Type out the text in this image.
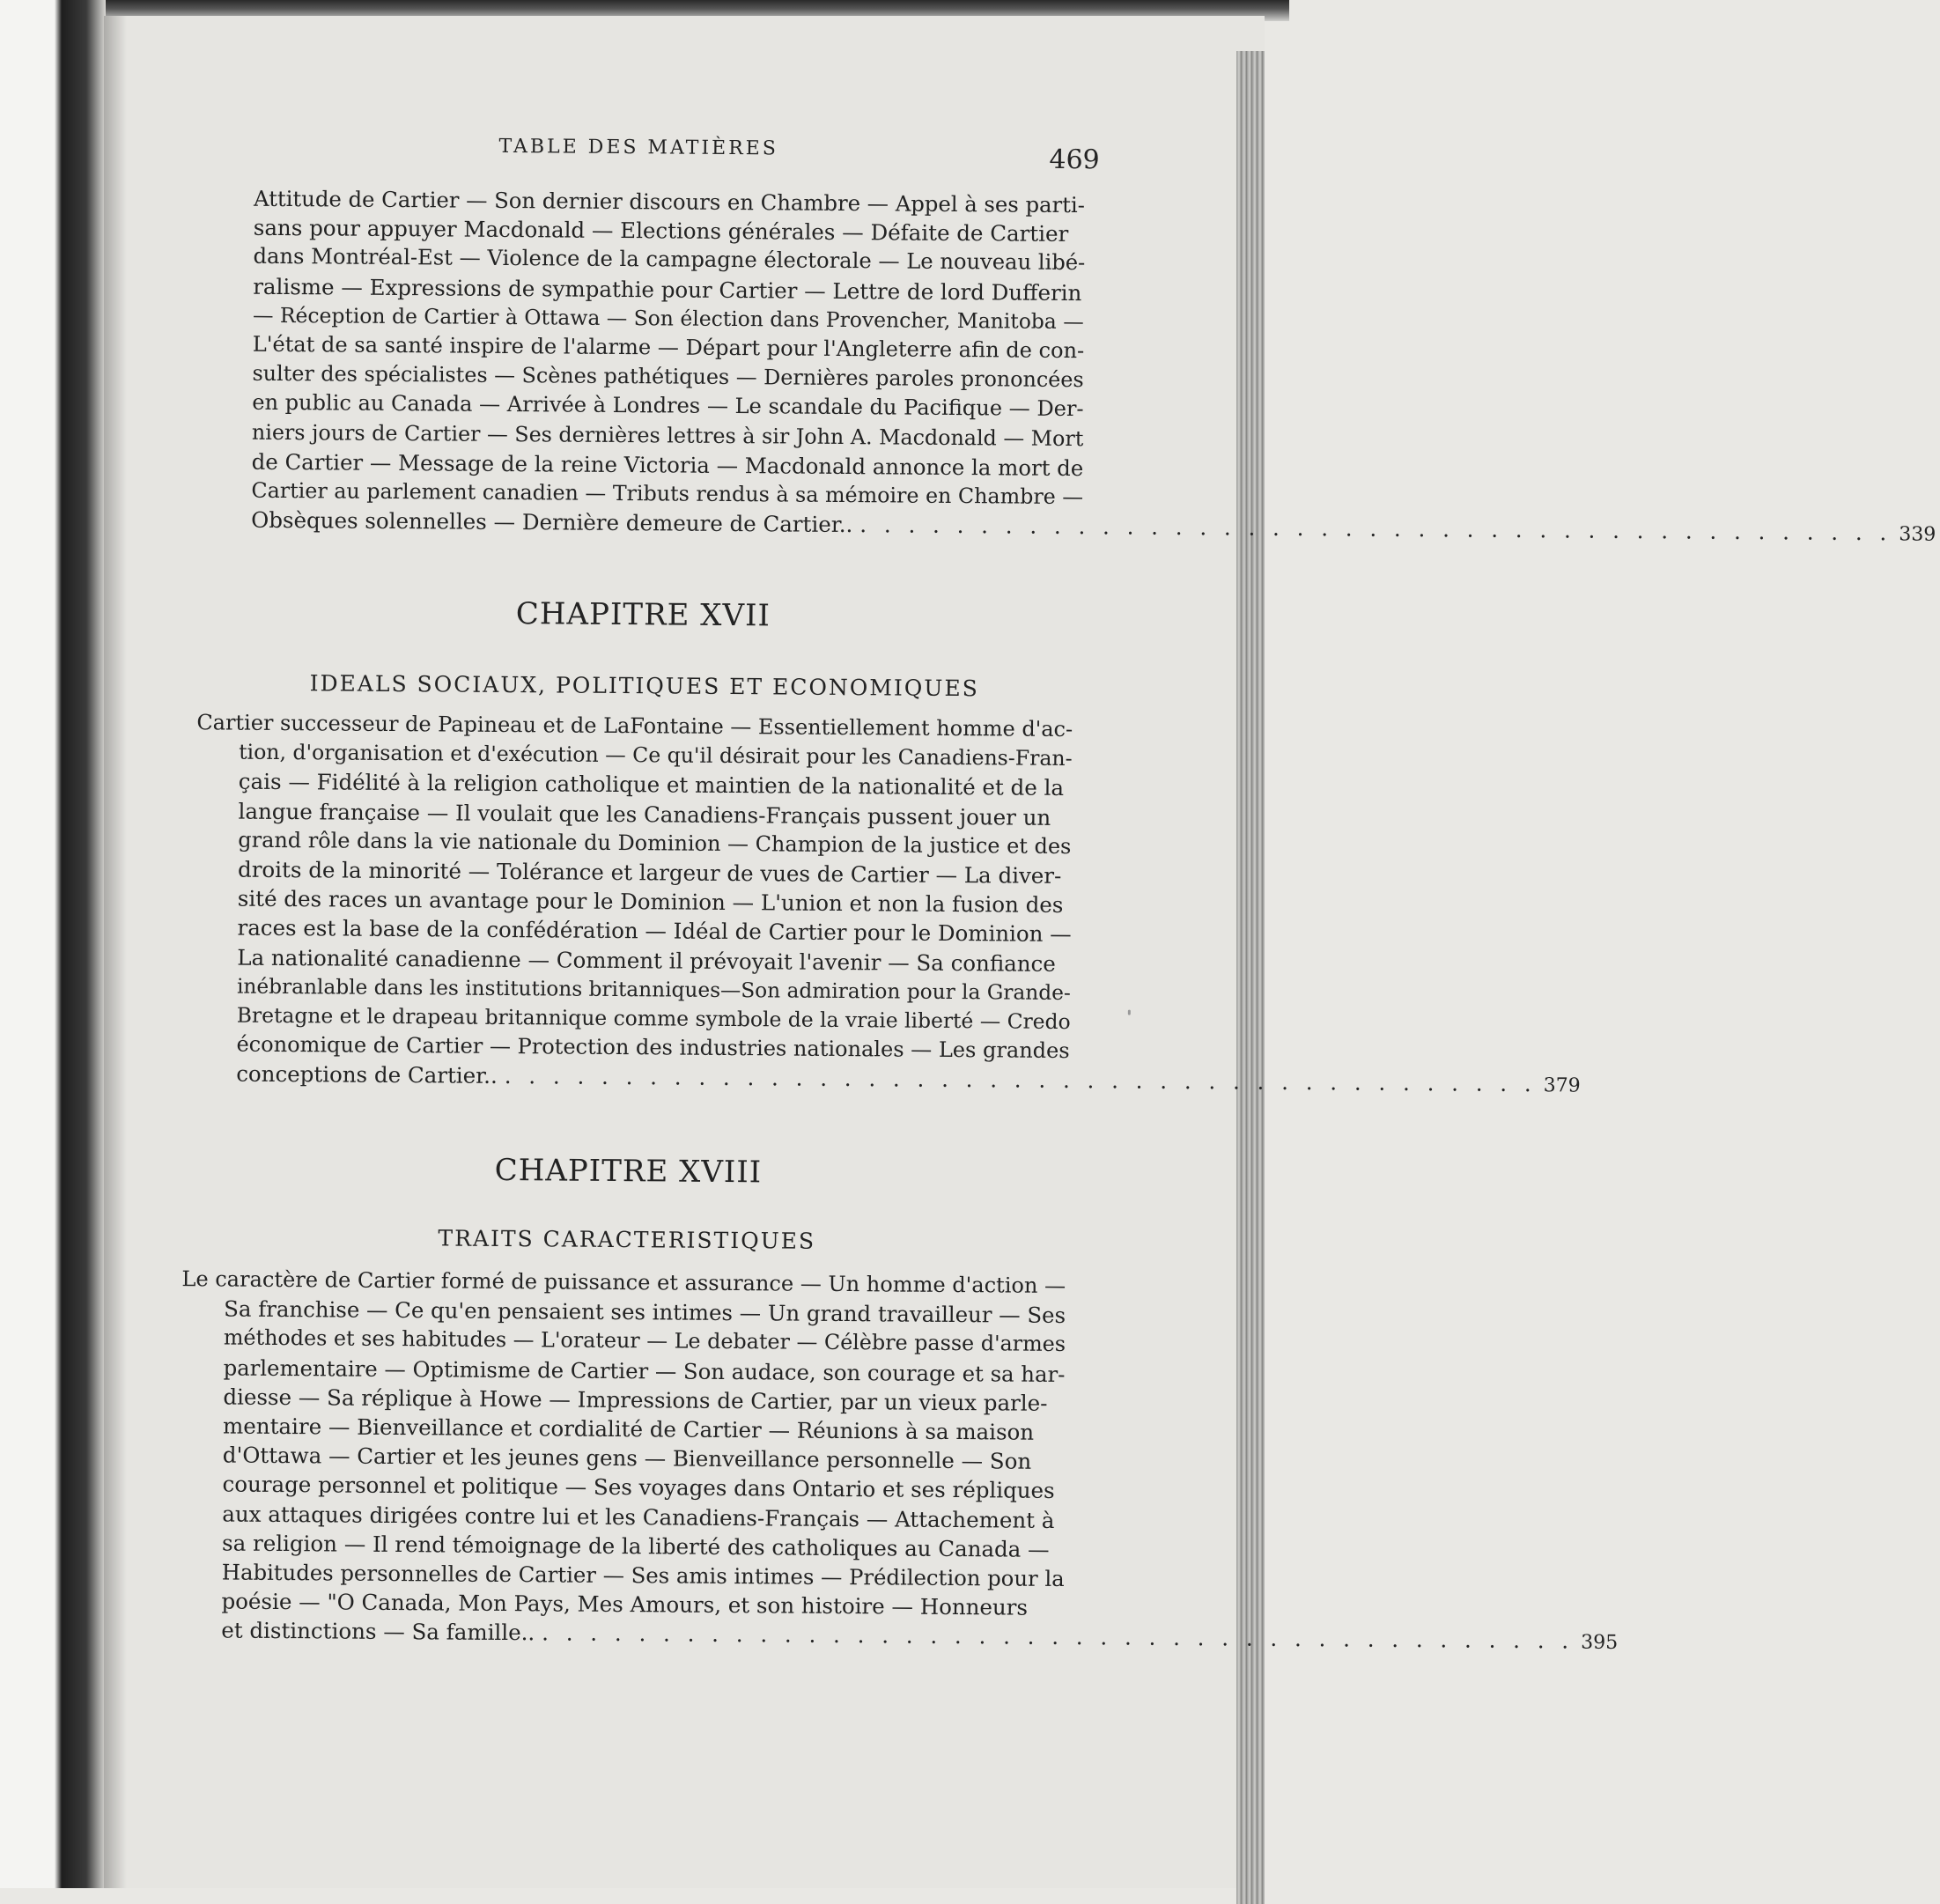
TABLE DES MATIÈRES	469
Attitude de Cartier — Son dernier discours en Chambre — Appel à ses parti-
sans pour appuyer Macdonald — Elections générales — Défaite de Cartier
dans Montréal-Est — Violence de la campagne électorale — Le nouveau libé-
ralisme — Expressions de sympathie pour Cartier — Lettre de lord Dufferin
— Réception de Cartier à Ottawa — Son élection dans Provencher, Manitoba —
L'état de sa santé inspire de l'alarme — Départ pour l'Angleterre afin de con-
sulter des spécialistes — Scènes pathétiques — Dernières paroles prononcées
en public au Canada — Arrivée à Londres — Le scandale du Pacifique — Der-
niers jours de Cartier — Ses dernières lettres à sir John A. Macdonald — Mort
de Cartier — Message de la reine Victoria — Macdonald annonce la mort de
Cartier au parlement canadien — Tributs rendus à sa mémoire en Chambre —
Obsèques solennelles — Dernière demeure de Cartier.. . . . . . . . . . . . . . . . . . . . . . . . . . . . . . . . . . . . . . . . . . . . 339
CHAPITRE XVII
IDEALS SOCIAUX, POLITIQUES ET ECONOMIQUES
Cartier successeur de Papineau et de LaFontaine — Essentiellement homme d'ac-
tion, d'organisation et d'exécution — Ce qu'il désirait pour les Canadiens-Fran-
çais — Fidélité à la religion catholique et maintien de la nationalité et de la
langue française — Il voulait que les Canadiens-Français pussent jouer un
grand rôle dans la vie nationale du Dominion — Champion de la justice et des
droits de la minorité — Tolérance et largeur de vues de Cartier — La diver-
sité des races un avantage pour le Dominion — L'union et non la fusion des
races est la base de la confédération — Idéal de Cartier pour le Dominion —
La nationalité canadienne — Comment il prévoyait l'avenir — Sa confiance
inébranlable dans les institutions britanniques—Son admiration pour la Grande-
Bretagne et le drapeau britannique comme symbole de la vraie liberté — Credo
économique de Cartier — Protection des industries nationales — Les grandes
conceptions de Cartier.. . . . . . . . . . . . . . . . . . . . . . . . . . . . . . . . . . . . . . . . . . . . 379
CHAPITRE XVIII
TRAITS CARACTERISTIQUES
Le caractère de Cartier formé de puissance et assurance — Un homme d'action —
Sa franchise — Ce qu'en pensaient ses intimes — Un grand travailleur — Ses
méthodes et ses habitudes — L'orateur — Le debater — Célèbre passe d'armes
parlementaire — Optimisme de Cartier — Son audace, son courage et sa har-
diesse — Sa réplique à Howe — Impressions de Cartier, par un vieux parle-
mentaire — Bienveillance et cordialité de Cartier — Réunions à sa maison
d'Ottawa — Cartier et les jeunes gens — Bienveillance personnelle — Son
courage personnel et politique — Ses voyages dans Ontario et ses répliques
aux attaques dirigées contre lui et les Canadiens-Français — Attachement à
sa religion — Il rend témoignage de la liberté des catholiques au Canada —
Habitudes personnelles de Cartier — Ses amis intimes — Prédilection pour la
poésie — "O Canada, Mon Pays, Mes Amours, et son histoire — Honneurs
et distinctions — Sa famille.. . . . . . . . . . . . . . . . . . . . . . . . . . . . . . . . . . . . . . . . . . . . 395
